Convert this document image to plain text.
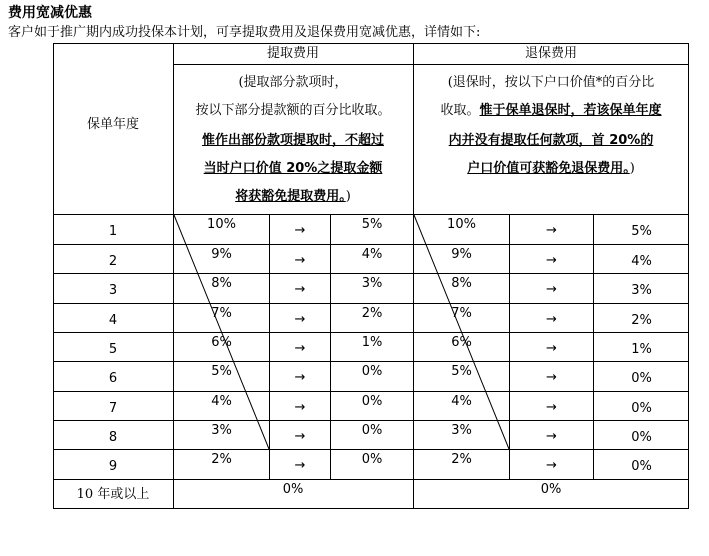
费用宽减优惠
客户如于推广期内成功投保本计划，可享提取费用及退保费用宽减优惠，详情如下:
保单年度
提取费用
(提取部分款项时，
按以下部分提款额的百分比收取。
惟作出部份款项提取时，不超过
当时户口价值 20%之提取金额
将获豁免提取费用。)
退保费用
(退保时，按以下户口价值*的百分比
收取。惟于保单退保时，若该保单年度
内并没有提取任何款项，首 20%的
户口价值可获豁免退保费用。)
1	10%	→	5%	10%	→	5%
2	9%	→	4%	9%	→	4%
3	8%	→	3%	8%	→	3%
4	7%	→	2%	7%	→	2%
5	6%	→	1%	6%	→	1%
6	5%	→	0%	5%	→	0%
7	4%	→	0%	4%	→	0%
8	3%	→	0%	3%	→	0%
9	2%	→	0%	2%	→	0%
10 年或以上	0%	0%
